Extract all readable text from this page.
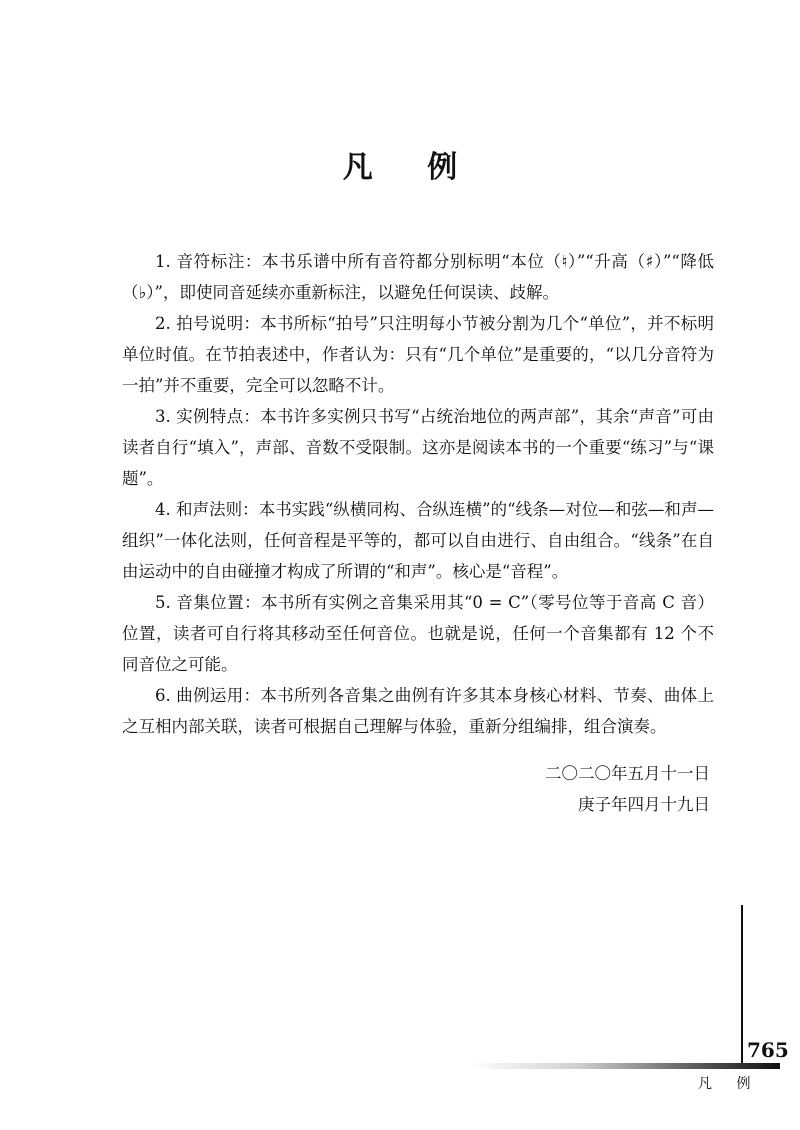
凡 例

1. 音符标注：本书乐谱中所有音符都分别标明“本位（♮）”“升高（♯）”“降低（♭）”，即使同音延续亦重新标注，以避免任何误读、歧解。

2. 拍号说明：本书所标“拍号”只注明每小节被分割为几个“单位”，并不标明单位时值。在节拍表述中，作者认为：只有“几个单位”是重要的，“以几分音符为一拍”并不重要，完全可以忽略不计。

3. 实例特点：本书许多实例只书写“占统治地位的两声部”，其余“声音”可由读者自行“填入”，声部、音数不受限制。这亦是阅读本书的一个重要“练习”与“课题”。

4. 和声法则：本书实践“纵横同构、合纵连横”的“线条—对位—和弦—和声—组织”一体化法则，任何音程是平等的，都可以自由进行、自由组合。“线条”在自由运动中的自由碰撞才构成了所谓的“和声”。核心是“音程”。

5. 音集位置：本书所有实例之音集采用其“0 = C”（零号位等于音高 C 音）位置，读者可自行将其移动至任何音位。也就是说，任何一个音集都有 12 个不同音位之可能。

6. 曲例运用：本书所列各音集之曲例有许多其本身核心材料、节奏、曲体上之互相内部关联，读者可根据自己理解与体验，重新分组编排，组合演奏。

二〇二〇年五月十一日
庚子年四月十九日
765
凡 例
